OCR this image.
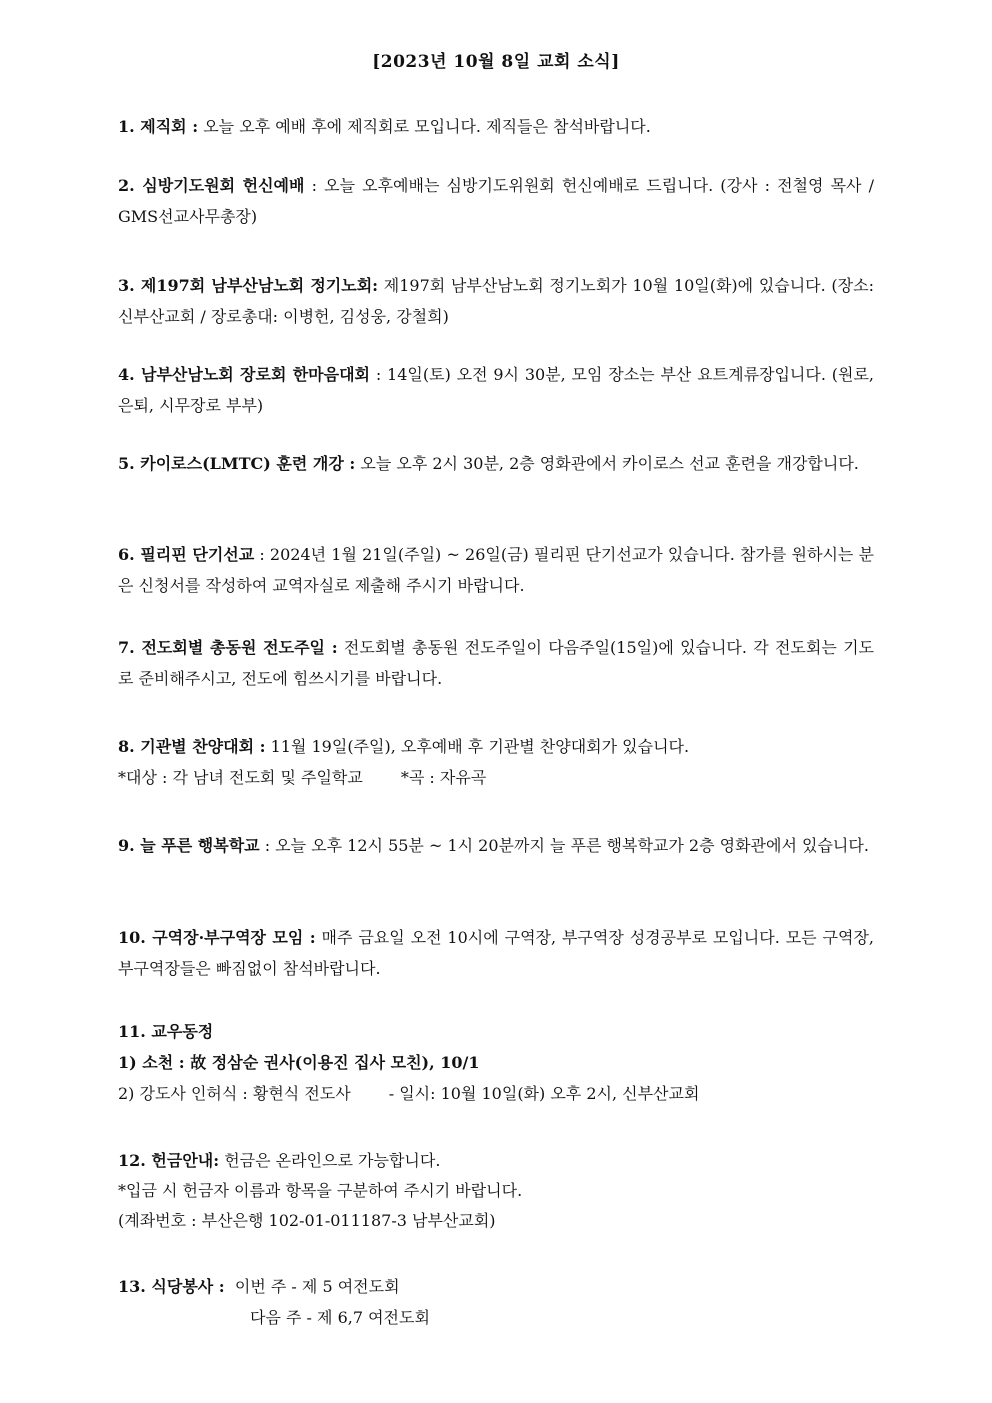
[2023년 10월 8일 교회 소식]
1. 제직회 : 오늘 오후 예배 후에 제직회로 모입니다. 제직들은 참석바랍니다.
2. 심방기도원회 헌신예배 : 오늘 오후예배는 심방기도위원회 헌신예배로 드립니다. (강사 : 전철영 목사 / GMS선교사무총장)
3. 제197회 남부산남노회 정기노회: 제197회 남부산남노회 정기노회가 10월 10일(화)에 있습니다. (장소: 신부산교회 / 장로총대: 이병헌, 김성웅, 강철희)
4. 남부산남노회 장로회 한마음대회 : 14일(토) 오전 9시 30분, 모임 장소는 부산 요트계류장입니다. (원로, 은퇴, 시무장로 부부)
5. 카이로스(LMTC) 훈련 개강 : 오늘 오후 2시 30분, 2층 영화관에서 카이로스 선교 훈련을 개강합니다.
6. 필리핀 단기선교 : 2024년 1월 21일(주일) ~ 26일(금) 필리핀 단기선교가 있습니다. 참가를 원하시는 분은 신청서를 작성하여 교역자실로 제출해 주시기 바랍니다.
7. 전도회별 총동원 전도주일 : 전도회별 총동원 전도주일이 다음주일(15일)에 있습니다. 각 전도회는 기도로 준비해주시고, 전도에 힘쓰시기를 바랍니다.
8. 기관별 찬양대회 : 11월 19일(주일), 오후예배 후 기관별 찬양대회가 있습니다.
*대상 : 각 남녀 전도회 및 주일학교 *곡 : 자유곡
9. 늘 푸른 행복학교 : 오늘 오후 12시 55분 ~ 1시 20분까지 늘 푸른 행복학교가 2층 영화관에서 있습니다.
10. 구역장·부구역장 모임 : 매주 금요일 오전 10시에 구역장, 부구역장 성경공부로 모입니다. 모든 구역장, 부구역장들은 빠짐없이 참석바랍니다.
11. 교우동정
1) 소천 : 故 정삼순 권사(이용진 집사 모친), 10/1
2) 강도사 인허식 : 황현식 전도사 - 일시: 10월 10일(화) 오후 2시, 신부산교회
12. 헌금안내: 헌금은 온라인으로 가능합니다.
*입금 시 헌금자 이름과 항목을 구분하여 주시기 바랍니다.
(계좌번호 : 부산은행 102-01-011187-3 남부산교회)
13. 식당봉사 : 이번 주 - 제 5 여전도회
다음 주 - 제 6,7 여전도회
